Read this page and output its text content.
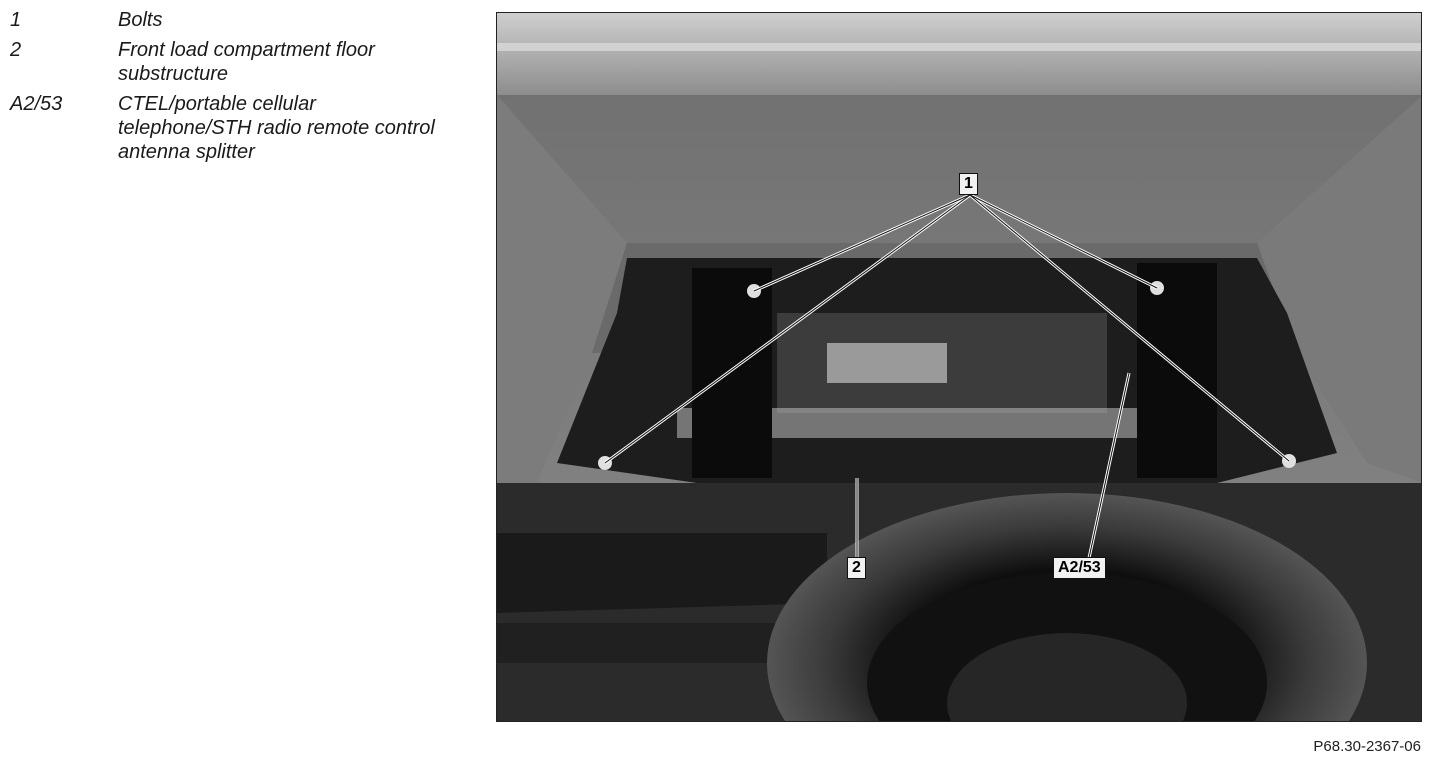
1	Bolts
2	Front load compartment floor substructure
A2/53	CTEL/portable cellular telephone/STH radio remote control antenna splitter
1
2	A2/53
P68.30-2367-06
